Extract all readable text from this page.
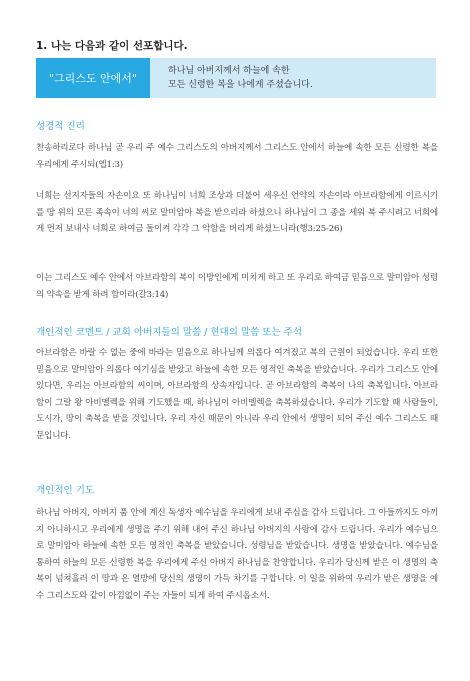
1. 나는 다음과 같이 선포합니다.
"그리스도 안에서"
하나님 아버지께서 하늘에 속한
모든 신령한 복을 나에게 주셨습니다.
성경적 진리
찬송하리로다 하나님 곧 우리 주 예수 그리스도의 아버지께서 그리스도 안에서 하늘에 속한 모든 신령한 복을 우리에게 주시되(엡1:3)
너희는 선지자들의 자손이요 또 하나님이 너희 조상과 더불어 세우신 언약의 자손이라 아브라함에게 이르시기를 땅 위의 모든 족속이 너의 씨로 말미암아 복을 받으리라 하셨으니 하나님이 그 종을 세워 복 주시려고 너희에게 먼저 보내사 너희로 하여금 돌이켜 각각 그 악함을 버리게 하셨느니라(행3:25-26)
이는 그리스도 예수 안에서 아브라함의 복이 이방인에게 미치게 하고 또 우리로 하여금 믿음으로 말미암아 성령의 약속을 받게 하려 함이라(갈3:14)
개인적인 코멘트 / 교회 아버지들의 말씀 / 현대의 말씀 또는 주석
아브라함은 바랄 수 없는 중에 바라는 믿음으로 하나님께 의롭다 여겨졌고 복의 근원이 되었습니다. 우리 또한 믿음으로 말미암아 의롭다 여기심을 받았고 하늘에 속한 모든 영적인 축복을 받았습니다. 우리가 그리스도 안에 있다면, 우리는 아브라함의 씨이며, 아브라함의 상속자입니다. 곧 아브라함의 축복이 나의 축복입니다. 아브라함이 그랄 왕 아비멜렉을 위해 기도했을 때, 하나님이 아비멜렉을 축복하셨습니다. 우리가 기도할 때 사람들이, 도시가, 땅이 축복을 받을 것입니다. 우리 자신 때문이 아니라 우리 안에서 생명이 되어 주신 예수 그리스도 때문입니다.
개인적인 기도
하나님 아버지, 아버지 품 안에 계신 독생자 예수님을 우리에게 보내 주심을 감사 드립니다. 그 아들까지도 아끼지 아니하시고 우리에게 생명을 주기 위해 내어 주신 하나님 아버지의 사랑에 감사 드립니다. 우리가 예수님으로 말미암아 하늘에 속한 모든 영적인 축복을 받았습니다. 성령님을 받았습니다. 생명을 받았습니다. 예수님을 통하여 하늘의 모든 신령한 복을 우리에게 주신 아버지 하나님을 찬양합니다. 우리가 당신께 받은 이 생명의 축복이 넘쳐흘러 이 땅과 온 열방에 당신의 생명이 가득 차기를 구합니다. 이 일을 위하여 우리가 받은 생명을 예수 그리스도와 같이 아낌없이 주는 자들이 되게 하여 주시옵소서.
